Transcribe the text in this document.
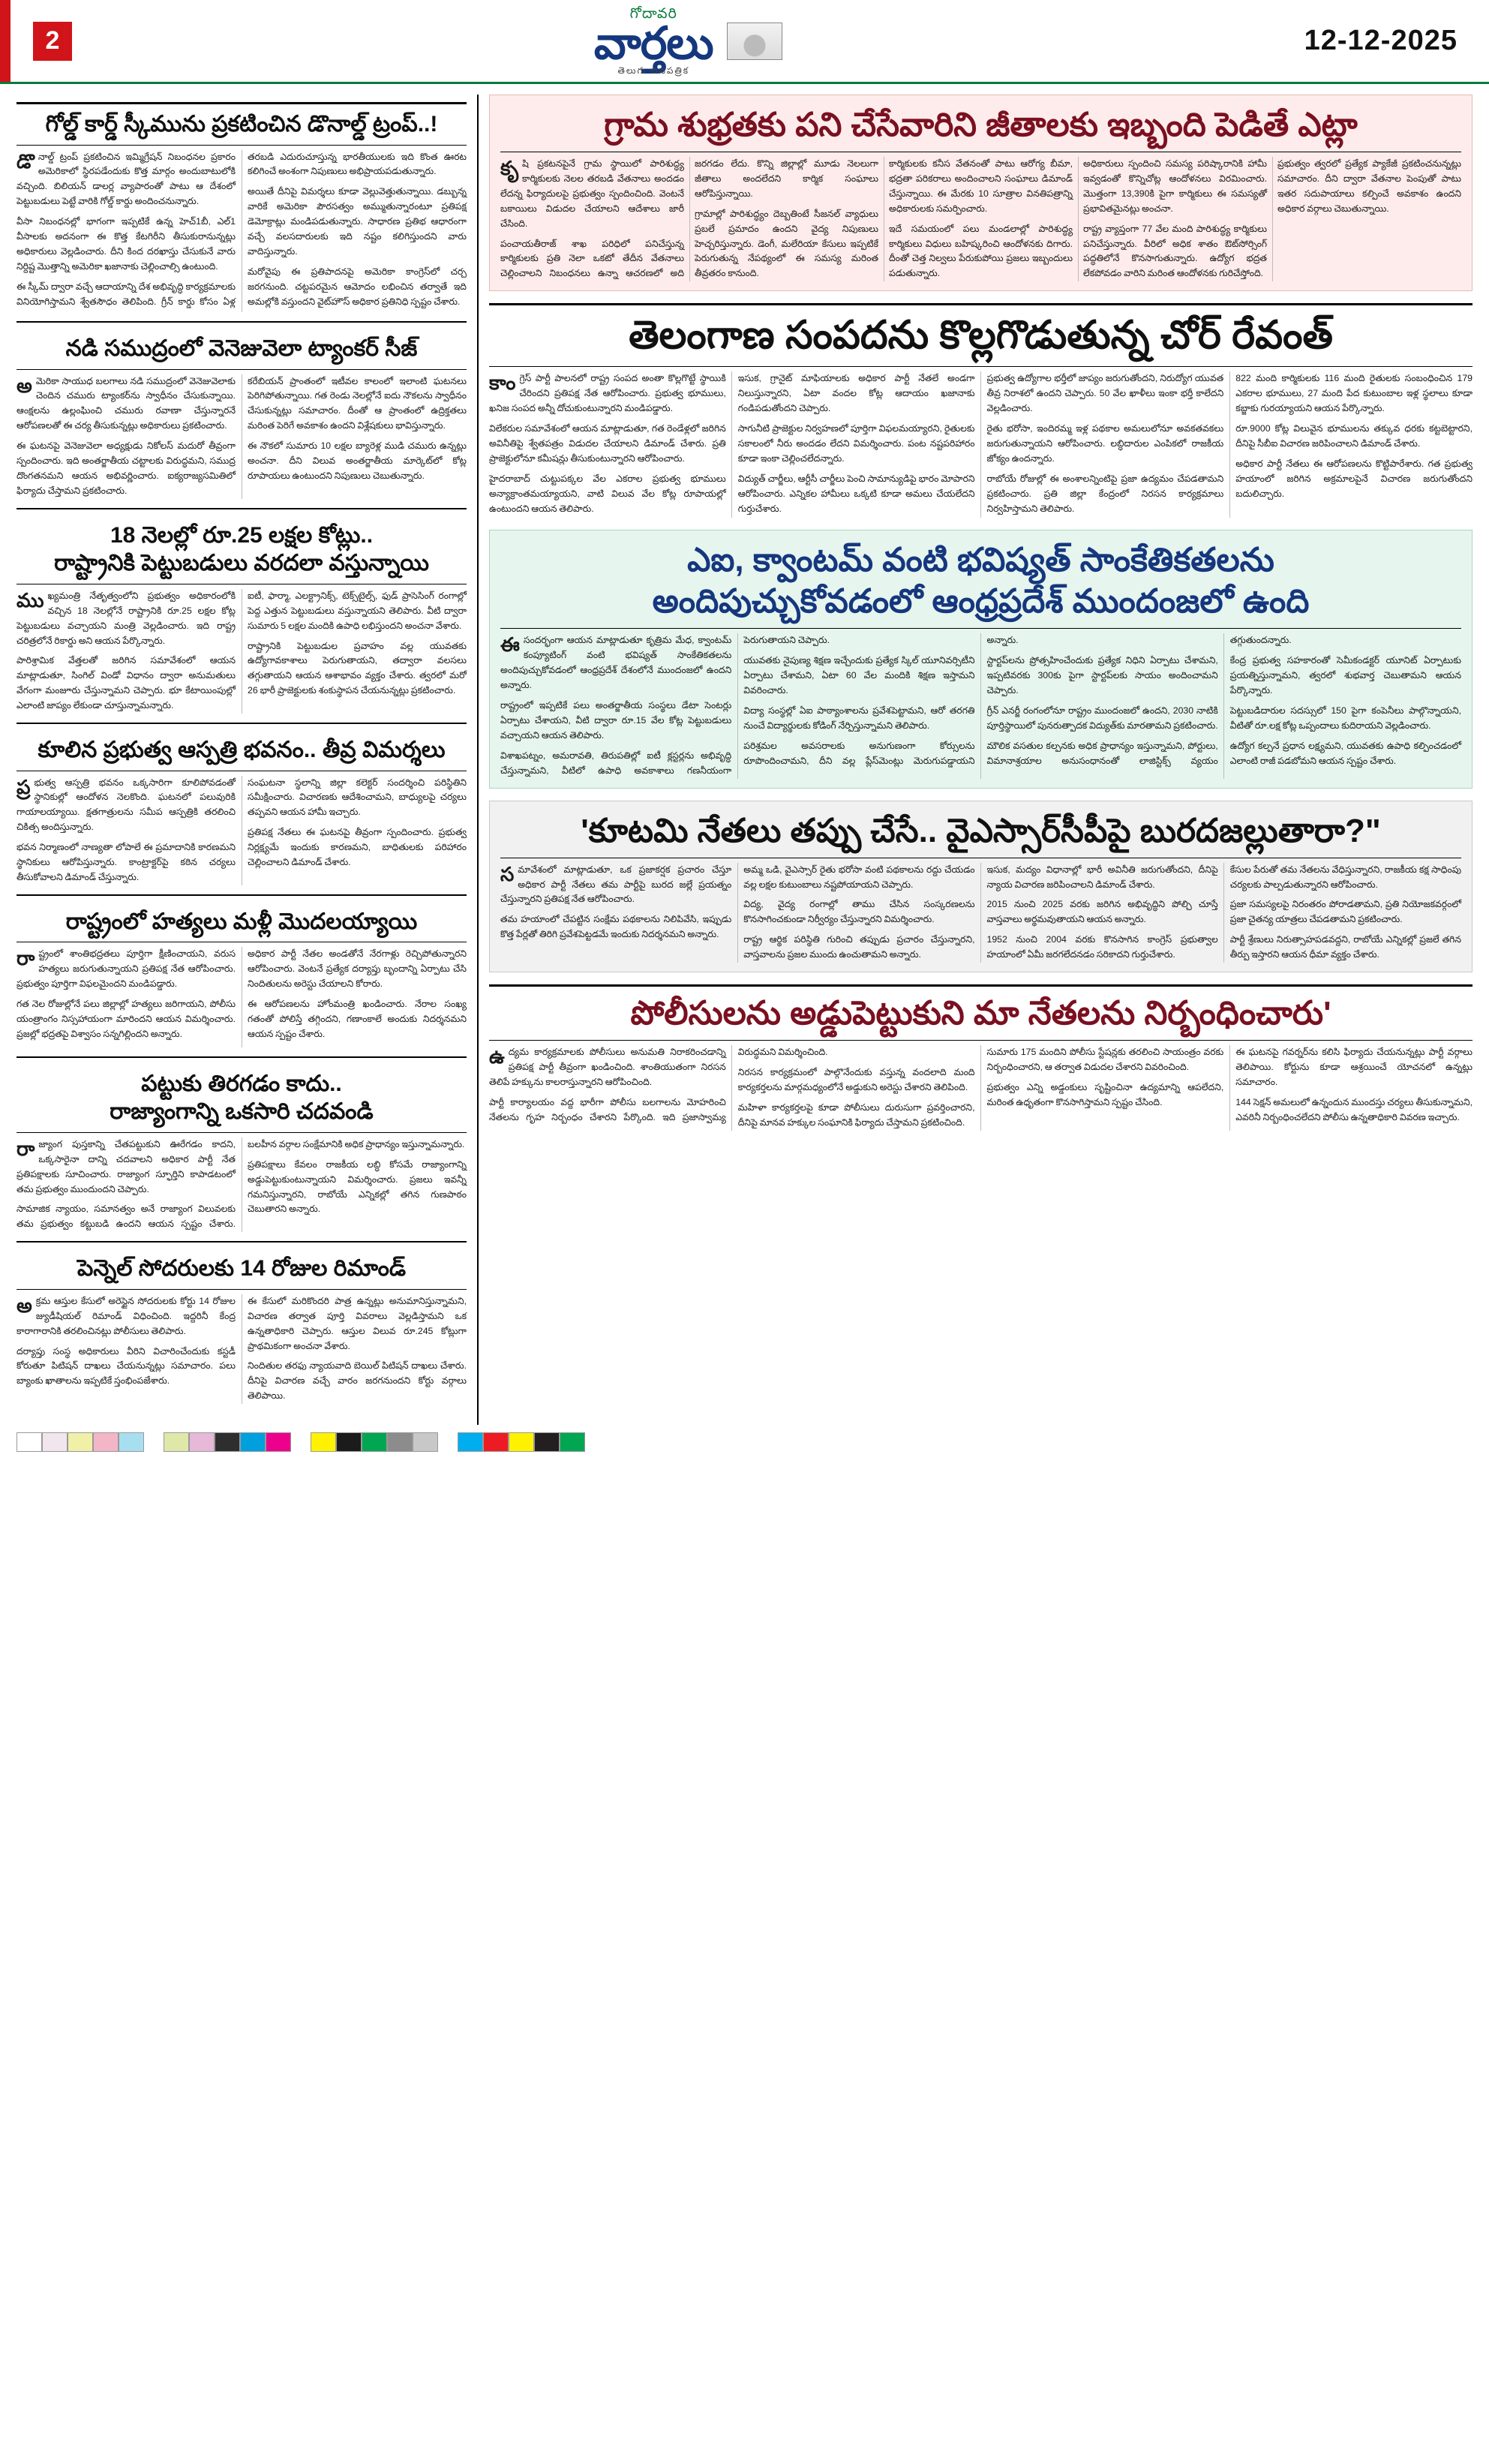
2
గోదావరి
వార్తలు
తెలుగు దినపత్రిక
12-12-2025
గోల్డ్ కార్డ్ స్కీమును ప్రకటించిన డొనాల్డ్ ట్రంప్..!

డొనాల్డ్ ట్రంప్ ప్రకటించిన ఇమ్మిగ్రేషన్ నిబంధనల ప్రకారం అమెరికాలో స్థిరపడేందుకు కొత్త మార్గం అందుబాటులోకి వచ్చింది. బిలియన్ డాలర్ల వ్యాపారంతో పాటు ఆ దేశంలో పెట్టుబడులు పెట్టే వారికి గోల్డ్ కార్డు అందించనున్నారు.

వీసా నిబంధనల్లో భాగంగా ఇప్పటికే ఉన్న హెచ్1బీ, ఎల్1 వీసాలకు అదనంగా ఈ కొత్త కేటగిరీని తీసుకురానున్నట్లు అధికారులు వెల్లడించారు. దీని కింద దరఖాస్తు చేసుకునే వారు నిర్దిష్ట మొత్తాన్ని అమెరికా ఖజానాకు చెల్లించాల్సి ఉంటుంది.

ఈ స్కీమ్ ద్వారా వచ్చే ఆదాయాన్ని దేశ అభివృద్ధి కార్యక్రమాలకు వినియోగిస్తామని శ్వేతసౌధం తెలిపింది. గ్రీన్ కార్డు కోసం ఏళ్ల తరబడి ఎదురుచూస్తున్న భారతీయులకు ఇది కొంత ఊరట కలిగించే అంశంగా నిపుణులు అభిప్రాయపడుతున్నారు.

అయితే దీనిపై విమర్శలు కూడా వెల్లువెత్తుతున్నాయి. డబ్బున్న వారికే అమెరికా పౌరసత్వం అమ్ముతున్నారంటూ ప్రతిపక్ష డెమోక్రాట్లు మండిపడుతున్నారు. సాధారణ ప్రతిభ ఆధారంగా వచ్చే వలసదారులకు ఇది నష్టం కలిగిస్తుందని వారు వాదిస్తున్నారు.

మరోవైపు ఈ ప్రతిపాదనపై అమెరికా కాంగ్రెస్‌లో చర్చ జరగనుంది. చట్టపరమైన ఆమోదం లభించిన తర్వాతే ఇది అమల్లోకి వస్తుందని వైట్‌హౌస్ అధికార ప్రతినిధి స్పష్టం చేశారు.

నడి సముద్రంలో వెనెజువెలా ట్యాంకర్ సీజ్

అమెరికా సాయుధ బలగాలు నడి సముద్రంలో వెనెజువెలాకు చెందిన చమురు ట్యాంకర్‌ను స్వాధీనం చేసుకున్నాయి. ఆంక్షలను ఉల్లంఘించి చమురు రవాణా చేస్తున్నారనే ఆరోపణలతో ఈ చర్య తీసుకున్నట్లు అధికారులు ప్రకటించారు.

ఈ ఘటనపై వెనెజువెలా అధ్యక్షుడు నికోలస్ మదురో తీవ్రంగా స్పందించారు. ఇది అంతర్జాతీయ చట్టాలకు విరుద్ధమని, సముద్ర దొంగతనమని ఆయన అభివర్ణించారు. ఐక్యరాజ్యసమితిలో ఫిర్యాదు చేస్తామని ప్రకటించారు.

కరేబియన్ ప్రాంతంలో ఇటీవల కాలంలో ఇలాంటి ఘటనలు పెరిగిపోతున్నాయి. గత రెండు నెలల్లోనే ఐదు నౌకలను స్వాధీనం చేసుకున్నట్లు సమాచారం. దీంతో ఆ ప్రాంతంలో ఉద్రిక్తతలు మరింత పెరిగే అవకాశం ఉందని విశ్లేషకులు భావిస్తున్నారు.

ఈ నౌకలో సుమారు 10 లక్షల బ్యారెళ్ల ముడి చమురు ఉన్నట్లు అంచనా. దీని విలువ అంతర్జాతీయ మార్కెట్‌లో కోట్ల రూపాయలు ఉంటుందని నిపుణులు చెబుతున్నారు.

18 నెలల్లో రూ.25 లక్షల కోట్లు..
రాష్ట్రానికి పెట్టుబడులు వరదలా వస్తున్నాయి

ముఖ్యమంత్రి నేతృత్వంలోని ప్రభుత్వం అధికారంలోకి వచ్చిన 18 నెలల్లోనే రాష్ట్రానికి రూ.25 లక్షల కోట్ల పెట్టుబడులు వచ్చాయని మంత్రి వెల్లడించారు. ఇది రాష్ట్ర చరిత్రలోనే రికార్డు అని ఆయన పేర్కొన్నారు.

పారిశ్రామిక వేత్తలతో జరిగిన సమావేశంలో ఆయన మాట్లాడుతూ, సింగిల్ విండో విధానం ద్వారా అనుమతులు వేగంగా మంజూరు చేస్తున్నామని చెప్పారు. భూ కేటాయింపుల్లో ఎలాంటి జాప్యం లేకుండా చూస్తున్నామన్నారు.

ఐటీ, ఫార్మా, ఎలక్ట్రానిక్స్, టెక్స్‌టైల్స్, ఫుడ్ ప్రాసెసింగ్ రంగాల్లో పెద్ద ఎత్తున పెట్టుబడులు వస్తున్నాయని తెలిపారు. వీటి ద్వారా సుమారు 5 లక్షల మందికి ఉపాధి లభిస్తుందని అంచనా వేశారు.

రాష్ట్రానికి పెట్టుబడుల ప్రవాహం వల్ల యువతకు ఉద్యోగావకాశాలు పెరుగుతాయని, తద్వారా వలసలు తగ్గుతాయని ఆయన ఆశాభావం వ్యక్తం చేశారు. త్వరలో మరో 26 భారీ ప్రాజెక్టులకు శంకుస్థాపన చేయనున్నట్లు ప్రకటించారు.

కూలిన ప్రభుత్వ ఆస్పత్రి భవనం.. తీవ్ర విమర్శలు

ప్రభుత్వ ఆస్పత్రి భవనం ఒక్కసారిగా కూలిపోవడంతో స్థానికుల్లో ఆందోళన నెలకొంది. ఘటనలో పలువురికి గాయాలయ్యాయి. క్షతగాత్రులను సమీప ఆస్పత్రికి తరలించి చికిత్స అందిస్తున్నారు.

భవన నిర్మాణంలో నాణ్యతా లోపాలే ఈ ప్రమాదానికి కారణమని స్థానికులు ఆరోపిస్తున్నారు. కాంట్రాక్టర్‌పై కఠిన చర్యలు తీసుకోవాలని డిమాండ్ చేస్తున్నారు.

సంఘటనా స్థలాన్ని జిల్లా కలెక్టర్ సందర్శించి పరిస్థితిని సమీక్షించారు. విచారణకు ఆదేశించామని, బాధ్యులపై చర్యలు తప్పవని ఆయన హామీ ఇచ్చారు.

ప్రతిపక్ష నేతలు ఈ ఘటనపై తీవ్రంగా స్పందించారు. ప్రభుత్వ నిర్లక్ష్యమే ఇందుకు కారణమని, బాధితులకు పరిహారం చెల్లించాలని డిమాండ్ చేశారు.

రాష్ట్రంలో హత్యలు మళ్లీ మొదలయ్యాయి

రాష్ట్రంలో శాంతిభద్రతలు పూర్తిగా క్షీణించాయని, వరుస హత్యలు జరుగుతున్నాయని ప్రతిపక్ష నేత ఆరోపించారు. ప్రభుత్వం పూర్తిగా విఫలమైందని మండిపడ్డారు.

గత నెల రోజుల్లోనే పలు జిల్లాల్లో హత్యలు జరిగాయని, పోలీసు యంత్రాంగం నిస్సహాయంగా మారిందని ఆయన విమర్శించారు. ప్రజల్లో భద్రతపై విశ్వాసం సన్నగిల్లిందని అన్నారు.

అధికార పార్టీ నేతల అండతోనే నేరగాళ్లు రెచ్చిపోతున్నారని ఆరోపించారు. వెంటనే ప్రత్యేక దర్యాప్తు బృందాన్ని ఏర్పాటు చేసి నిందితులను అరెస్టు చేయాలని కోరారు.

ఈ ఆరోపణలను హోంమంత్రి ఖండించారు. నేరాల సంఖ్య గతంతో పోలిస్తే తగ్గిందని, గణాంకాలే అందుకు నిదర్శనమని ఆయన స్పష్టం చేశారు.

పట్టుకు తిరగడం కాదు..
రాజ్యాంగాన్ని ఒకసారి చదవండి

రాజ్యాంగ పుస్తకాన్ని చేతపట్టుకుని ఊరేగడం కాదని, ఒక్కసారైనా దాన్ని చదవాలని అధికార పార్టీ నేత ప్రతిపక్షాలకు సూచించారు. రాజ్యాంగ స్ఫూర్తిని కాపాడటంలో తమ ప్రభుత్వం ముందుందని చెప్పారు.

సామాజిక న్యాయం, సమానత్వం అనే రాజ్యాంగ విలువలకు తమ ప్రభుత్వం కట్టుబడి ఉందని ఆయన స్పష్టం చేశారు. బలహీన వర్గాల సంక్షేమానికి అధిక ప్రాధాన్యం ఇస్తున్నామన్నారు.

ప్రతిపక్షాలు కేవలం రాజకీయ లబ్ధి కోసమే రాజ్యాంగాన్ని అడ్డుపెట్టుకుంటున్నాయని విమర్శించారు. ప్రజలు ఇవన్నీ గమనిస్తున్నారని, రాబోయే ఎన్నికల్లో తగిన గుణపాఠం చెబుతారని అన్నారు.

పెన్నెల్ సోదరులకు 14 రోజుల రిమాండ్

అక్రమ ఆస్తుల కేసులో అరెస్టైన సోదరులకు కోర్టు 14 రోజుల జ్యుడీషియల్ రిమాండ్ విధించింది. ఇద్దరినీ కేంద్ర కారాగారానికి తరలించినట్లు పోలీసులు తెలిపారు.

దర్యాప్తు సంస్థ అధికారులు వీరిని విచారించేందుకు కస్టడీ కోరుతూ పిటిషన్ దాఖలు చేయనున్నట్లు సమాచారం. పలు బ్యాంకు ఖాతాలను ఇప్పటికే స్తంభింపజేశారు.

ఈ కేసులో మరికొందరి పాత్ర ఉన్నట్లు అనుమానిస్తున్నామని, విచారణ తర్వాత పూర్తి వివరాలు వెల్లడిస్తామని ఒక ఉన్నతాధికారి చెప్పారు. ఆస్తుల విలువ రూ.245 కోట్లుగా ప్రాథమికంగా అంచనా వేశారు.

నిందితుల తరఫు న్యాయవాది బెయిల్ పిటిషన్ దాఖలు చేశారు. దీనిపై విచారణ వచ్చే వారం జరగనుందని కోర్టు వర్గాలు తెలిపాయి.

గ్రామ శుభ్రతకు పని చేసేవారిని జీతాలకు ఇబ్బంది పెడితే ఎట్లా

కృషి ప్రకటనపైనే గ్రామ స్థాయిలో పారిశుద్ధ్య కార్మికులకు నెలల తరబడి వేతనాలు అందడం లేదన్న ఫిర్యాదులపై ప్రభుత్వం స్పందించింది. వెంటనే బకాయిలు విడుదల చేయాలని ఆదేశాలు జారీ చేసింది.

పంచాయతీరాజ్ శాఖ పరిధిలో పనిచేస్తున్న కార్మికులకు ప్రతి నెలా ఒకటో తేదీన వేతనాలు చెల్లించాలని నిబంధనలు ఉన్నా ఆచరణలో అది జరగడం లేదు. కొన్ని జిల్లాల్లో మూడు నెలలుగా జీతాలు అందలేదని కార్మిక సంఘాలు ఆరోపిస్తున్నాయి.

గ్రామాల్లో పారిశుద్ధ్యం దెబ్బతింటే సీజనల్ వ్యాధులు ప్రబలే ప్రమాదం ఉందని వైద్య నిపుణులు హెచ్చరిస్తున్నారు. డెంగీ, మలేరియా కేసులు ఇప్పటికే పెరుగుతున్న నేపథ్యంలో ఈ సమస్య మరింత తీవ్రతరం కానుంది.

కార్మికులకు కనీస వేతనంతో పాటు ఆరోగ్య బీమా, భద్రతా పరికరాలు అందించాలని సంఘాలు డిమాండ్ చేస్తున్నాయి. ఈ మేరకు 10 సూత్రాల వినతిపత్రాన్ని అధికారులకు సమర్పించారు.

ఇదే సమయంలో పలు మండలాల్లో పారిశుద్ధ్య కార్మికులు విధులు బహిష్కరించి ఆందోళనకు దిగారు. దీంతో చెత్త నిల్వలు పేరుకుపోయి ప్రజలు ఇబ్బందులు పడుతున్నారు.

అధికారులు స్పందించి సమస్య పరిష్కారానికి హామీ ఇవ్వడంతో కొన్నిచోట్ల ఆందోళనలు విరమించారు. మొత్తంగా 13,390కి పైగా కార్మికులు ఈ సమస్యతో ప్రభావితమైనట్లు అంచనా.

రాష్ట్ర వ్యాప్తంగా 77 వేల మంది పారిశుద్ధ్య కార్మికులు పనిచేస్తున్నారు. వీరిలో అధిక శాతం ఔట్‌సోర్సింగ్ పద్ధతిలోనే కొనసాగుతున్నారు. ఉద్యోగ భద్రత లేకపోవడం వారిని మరింత ఆందోళనకు గురిచేస్తోంది.

ప్రభుత్వం త్వరలో ప్రత్యేక ప్యాకేజీ ప్రకటించనున్నట్లు సమాచారం. దీని ద్వారా వేతనాల పెంపుతో పాటు ఇతర సదుపాయాలు కల్పించే అవకాశం ఉందని అధికార వర్గాలు చెబుతున్నాయి.

తెలంగాణ సంపదను కొల్లగొడుతున్న చోర్ రేవంత్

కాంగ్రెస్ పార్టీ పాలనలో రాష్ట్ర సంపద అంతా కొల్లగొట్టే స్థాయికి చేరిందని ప్రతిపక్ష నేత ఆరోపించారు. ప్రభుత్వ భూములు, ఖనిజ సంపద అన్నీ దోచుకుంటున్నారని మండిపడ్డారు.

విలేకరుల సమావేశంలో ఆయన మాట్లాడుతూ, గత రెండేళ్లలో జరిగిన అవినీతిపై శ్వేతపత్రం విడుదల చేయాలని డిమాండ్ చేశారు. ప్రతి ప్రాజెక్టులోనూ కమీషన్లు తీసుకుంటున్నారని ఆరోపించారు.

హైదరాబాద్ చుట్టుపక్కల వేల ఎకరాల ప్రభుత్వ భూములు అన్యాక్రాంతమయ్యాయని, వాటి విలువ వేల కోట్ల రూపాయల్లో ఉంటుందని ఆయన తెలిపారు.

ఇసుక, గ్రానైట్ మాఫియాలకు అధికార పార్టీ నేతలే అండగా నిలుస్తున్నారని, ఏటా వందల కోట్ల ఆదాయం ఖజానాకు గండిపడుతోందని చెప్పారు.

సాగునీటి ప్రాజెక్టుల నిర్వహణలో పూర్తిగా విఫలమయ్యారని, రైతులకు సకాలంలో నీరు అందడం లేదని విమర్శించారు. పంట నష్టపరిహారం కూడా ఇంకా చెల్లించలేదన్నారు.

విద్యుత్ చార్జీలు, ఆర్టీసీ చార్జీలు పెంచి సామాన్యుడిపై భారం మోపారని ఆరోపించారు. ఎన్నికల హామీలు ఒక్కటి కూడా అమలు చేయలేదని గుర్తుచేశారు.

ప్రభుత్వ ఉద్యోగాల భర్తీలో జాప్యం జరుగుతోందని, నిరుద్యోగ యువత తీవ్ర నిరాశలో ఉందని చెప్పారు. 50 వేల ఖాళీలు ఇంకా భర్తీ కాలేదని వెల్లడించారు.

రైతు భరోసా, ఇందిరమ్మ ఇళ్ల పథకాల అమలులోనూ అవకతవకలు జరుగుతున్నాయని ఆరోపించారు. లబ్ధిదారుల ఎంపికలో రాజకీయ జోక్యం ఉందన్నారు.

రాబోయే రోజుల్లో ఈ అంశాలన్నింటిపై ప్రజా ఉద్యమం చేపడతామని ప్రకటించారు. ప్రతి జిల్లా కేంద్రంలో నిరసన కార్యక్రమాలు నిర్వహిస్తామని తెలిపారు.

822 మంది కార్మికులకు 116 మంది రైతులకు సంబంధించిన 179 ఎకరాల భూములు, 27 మంది పేద కుటుంబాల ఇళ్ల స్థలాలు కూడా కబ్జాకు గురయ్యాయని ఆయన పేర్కొన్నారు.

రూ.9000 కోట్ల విలువైన భూములను తక్కువ ధరకు కట్టబెట్టారని, దీనిపై సీబీఐ విచారణ జరిపించాలని డిమాండ్ చేశారు.

అధికార పార్టీ నేతలు ఈ ఆరోపణలను కొట్టిపారేశారు. గత ప్రభుత్వ హయాంలో జరిగిన అక్రమాలపైనే విచారణ జరుగుతోందని బదులిచ్చారు.

ఎఐ, క్వాంటమ్ వంటి భవిష్యత్ సాంకేతికతలను
అందిపుచ్చుకోవడంలో ఆంధ్రప్రదేశ్ ముందంజలో ఉంది

ఈసందర్భంగా ఆయన మాట్లాడుతూ కృత్రిమ మేధ, క్వాంటమ్ కంప్యూటింగ్ వంటి భవిష్యత్ సాంకేతికతలను అందిపుచ్చుకోవడంలో ఆంధ్రప్రదేశ్ దేశంలోనే ముందంజలో ఉందని అన్నారు.

రాష్ట్రంలో ఇప్పటికే పలు అంతర్జాతీయ సంస్థలు డేటా సెంటర్లు ఏర్పాటు చేశాయని, వీటి ద్వారా రూ.15 వేల కోట్ల పెట్టుబడులు వచ్చాయని ఆయన తెలిపారు.

విశాఖపట్నం, అమరావతి, తిరుపతిల్లో ఐటీ క్లస్టర్లను అభివృద్ధి చేస్తున్నామని, వీటిలో ఉపాధి అవకాశాలు గణనీయంగా పెరుగుతాయని చెప్పారు.

యువతకు నైపుణ్య శిక్షణ ఇచ్చేందుకు ప్రత్యేక స్కిల్ యూనివర్సిటీని ఏర్పాటు చేశామని, ఏటా 60 వేల మందికి శిక్షణ ఇస్తామని వివరించారు.

విద్యా సంస్థల్లో ఏఐ పాఠ్యాంశాలను ప్రవేశపెట్టామని, ఆరో తరగతి నుంచే విద్యార్థులకు కోడింగ్ నేర్పిస్తున్నామని తెలిపారు.

పరిశ్రమల అవసరాలకు అనుగుణంగా కోర్సులను రూపొందించామని, దీని వల్ల ప్లేస్‌మెంట్లు మెరుగుపడ్డాయని అన్నారు.

స్టార్టప్‌లను ప్రోత్సహించేందుకు ప్రత్యేక నిధిని ఏర్పాటు చేశామని, ఇప్పటివరకు 300కు పైగా స్టార్టప్‌లకు సాయం అందించామని చెప్పారు.

గ్రీన్ ఎనర్జీ రంగంలోనూ రాష్ట్రం ముందంజలో ఉందని, 2030 నాటికి పూర్తిస్థాయిలో పునరుత్పాదక విద్యుత్‌కు మారతామని ప్రకటించారు.

మౌలిక వసతుల కల్పనకు అధిక ప్రాధాన్యం ఇస్తున్నామని, పోర్టులు, విమానాశ్రయాల అనుసంధానంతో లాజిస్టిక్స్ వ్యయం తగ్గుతుందన్నారు.

కేంద్ర ప్రభుత్వ సహకారంతో సెమీకండక్టర్ యూనిట్ ఏర్పాటుకు ప్రయత్నిస్తున్నామని, త్వరలో శుభవార్త చెబుతామని ఆయన పేర్కొన్నారు.

పెట్టుబడిదారుల సదస్సులో 150 పైగా కంపెనీలు పాల్గొన్నాయని, వీటితో రూ.లక్ష కోట్ల ఒప్పందాలు కుదిరాయని వెల్లడించారు.

ఉద్యోగ కల్పనే ప్రధాన లక్ష్యమని, యువతకు ఉపాధి కల్పించడంలో ఎలాంటి రాజీ పడబోమని ఆయన స్పష్టం చేశారు.

'కూటమి నేతలు తప్పు చేసే.. వైఎస్సార్‌సీపీపై బురదజల్లుతారా?"

సమావేశంలో మాట్లాడుతూ, ఒక ప్రజాకర్షక ప్రచారం చేస్తూ అధికార పార్టీ నేతలు తమ పార్టీపై బురద జల్లే ప్రయత్నం చేస్తున్నారని ప్రతిపక్ష నేత ఆరోపించారు.

తమ హయాంలో చేపట్టిన సంక్షేమ పథకాలను నిలిపివేసి, ఇప్పుడు కొత్త పేర్లతో తిరిగి ప్రవేశపెట్టడమే ఇందుకు నిదర్శనమని అన్నారు.

అమ్మ ఒడి, వైఎస్సార్ రైతు భరోసా వంటి పథకాలను రద్దు చేయడం వల్ల లక్షల కుటుంబాలు నష్టపోయాయని చెప్పారు.

విద్య, వైద్య రంగాల్లో తాము చేసిన సంస్కరణలను కొనసాగించకుండా నిర్వీర్యం చేస్తున్నారని విమర్శించారు.

రాష్ట్ర ఆర్థిక పరిస్థితి గురించి తప్పుడు ప్రచారం చేస్తున్నారని, వాస్తవాలను ప్రజల ముందు ఉంచుతామని అన్నారు.

ఇసుక, మద్యం విధానాల్లో భారీ అవినీతి జరుగుతోందని, దీనిపై న్యాయ విచారణ జరిపించాలని డిమాండ్ చేశారు.

2015 నుంచి 2025 వరకు జరిగిన అభివృద్ధిని పోల్చి చూస్తే వాస్తవాలు అర్థమవుతాయని ఆయన అన్నారు.

1952 నుంచి 2004 వరకు కొనసాగిన కాంగ్రెస్ ప్రభుత్వాల హయాంలో ఏమీ జరగలేదనడం సరికాదని గుర్తుచేశారు.

కేసుల పేరుతో తమ నేతలను వేధిస్తున్నారని, రాజకీయ కక్ష సాధింపు చర్యలకు పాల్పడుతున్నారని ఆరోపించారు.

ప్రజా సమస్యలపై నిరంతరం పోరాడతామని, ప్రతి నియోజకవర్గంలో ప్రజా చైతన్య యాత్రలు చేపడతామని ప్రకటించారు.

పార్టీ శ్రేణులు నిరుత్సాహపడవద్దని, రాబోయే ఎన్నికల్లో ప్రజలే తగిన తీర్పు ఇస్తారని ఆయన ధీమా వ్యక్తం చేశారు.

పోలీసులను అడ్డుపెట్టుకుని మా నేతలను నిర్బంధించారు'

ఉద్యమ కార్యక్రమాలకు పోలీసులు అనుమతి నిరాకరించడాన్ని ప్రతిపక్ష పార్టీ తీవ్రంగా ఖండించింది. శాంతియుతంగా నిరసన తెలిపే హక్కును కాలరాస్తున్నారని ఆరోపించింది.

పార్టీ కార్యాలయం వద్ద భారీగా పోలీసు బలగాలను మోహరించి నేతలను గృహ నిర్బంధం చేశారని పేర్కొంది. ఇది ప్రజాస్వామ్య విరుద్ధమని విమర్శించింది.

నిరసన కార్యక్రమంలో పాల్గొనేందుకు వస్తున్న వందలాది మంది కార్యకర్తలను మార్గమధ్యంలోనే అడ్డుకుని అరెస్టు చేశారని తెలిపింది.

మహిళా కార్యకర్తలపై కూడా పోలీసులు దురుసుగా ప్రవర్తించారని, దీనిపై మానవ హక్కుల సంఘానికి ఫిర్యాదు చేస్తామని ప్రకటించింది.

సుమారు 175 మందిని పోలీసు స్టేషన్లకు తరలించి సాయంత్రం వరకు నిర్బంధించారని, ఆ తర్వాత విడుదల చేశారని వివరించింది.

ప్రభుత్వం ఎన్ని అడ్డంకులు సృష్టించినా ఉద్యమాన్ని ఆపలేదని, మరింత ఉధృతంగా కొనసాగిస్తామని స్పష్టం చేసింది.

ఈ ఘటనపై గవర్నర్‌ను కలిసి ఫిర్యాదు చేయనున్నట్లు పార్టీ వర్గాలు తెలిపాయి. కోర్టును కూడా ఆశ్రయించే యోచనలో ఉన్నట్లు సమాచారం.

144 సెక్షన్ అమలులో ఉన్నందున ముందస్తు చర్యలు తీసుకున్నామని, ఎవరినీ నిర్బంధించలేదని పోలీసు ఉన్నతాధికారి వివరణ ఇచ్చారు.
